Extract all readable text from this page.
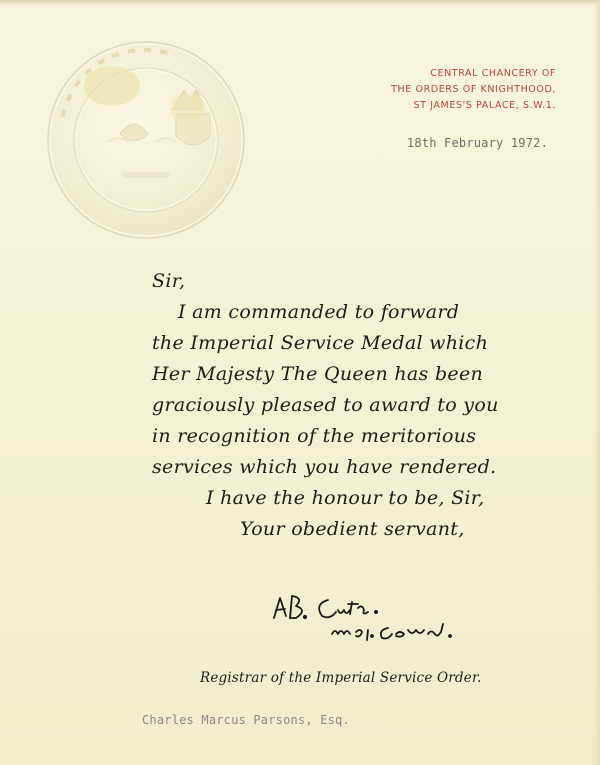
CENTRAL CHANCERY OF
THE ORDERS OF KNIGHTHOOD,
ST JAMES'S PALACE, S.W.1.
18th February 1972.
Sir,
I am commanded to forward
the Imperial Service Medal which
Her Majesty The Queen has been
graciously pleased to award to you
in recognition of the meritorious
services which you have rendered.
I have the honour to be, Sir,
Your obedient servant,
Registrar of the Imperial Service Order.
Charles Marcus Parsons, Esq.
